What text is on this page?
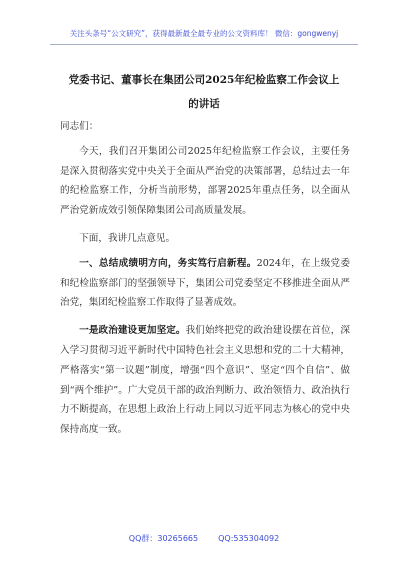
关注头条号“公文研究”，获得最新最全最专业的公文资料库！ 微信：gongwenyj
党委书记、董事长在集团公司2025年纪检监察工作会议上
的讲话

同志们：

今天，我们召开集团公司2025年纪检监察工作会议，主要任务是深入贯彻落实党中央关于全面从严治党的决策部署，总结过去一年的纪检监察工作，分析当前形势，部署2025年重点任务，以全面从严治党新成效引领保障集团公司高质量发展。

下面，我讲几点意见。

一、总结成绩明方向，务实笃行启新程。2024年，在上级党委和纪检监察部门的坚强领导下，集团公司党委坚定不移推进全面从严治党，集团纪检监察工作取得了显著成效。

一是政治建设更加坚定。我们始终把党的政治建设摆在首位，深入学习贯彻习近平新时代中国特色社会主义思想和党的二十大精神，严格落实“第一议题”制度，增强“四个意识”、坚定“四个自信”、做到“两个维护”。广大党员干部的政治判断力、政治领悟力、政治执行力不断提高，在思想上政治上行动上同以习近平同志为核心的党中央保持高度一致。

QQ群：30265665	QQ:535304092
